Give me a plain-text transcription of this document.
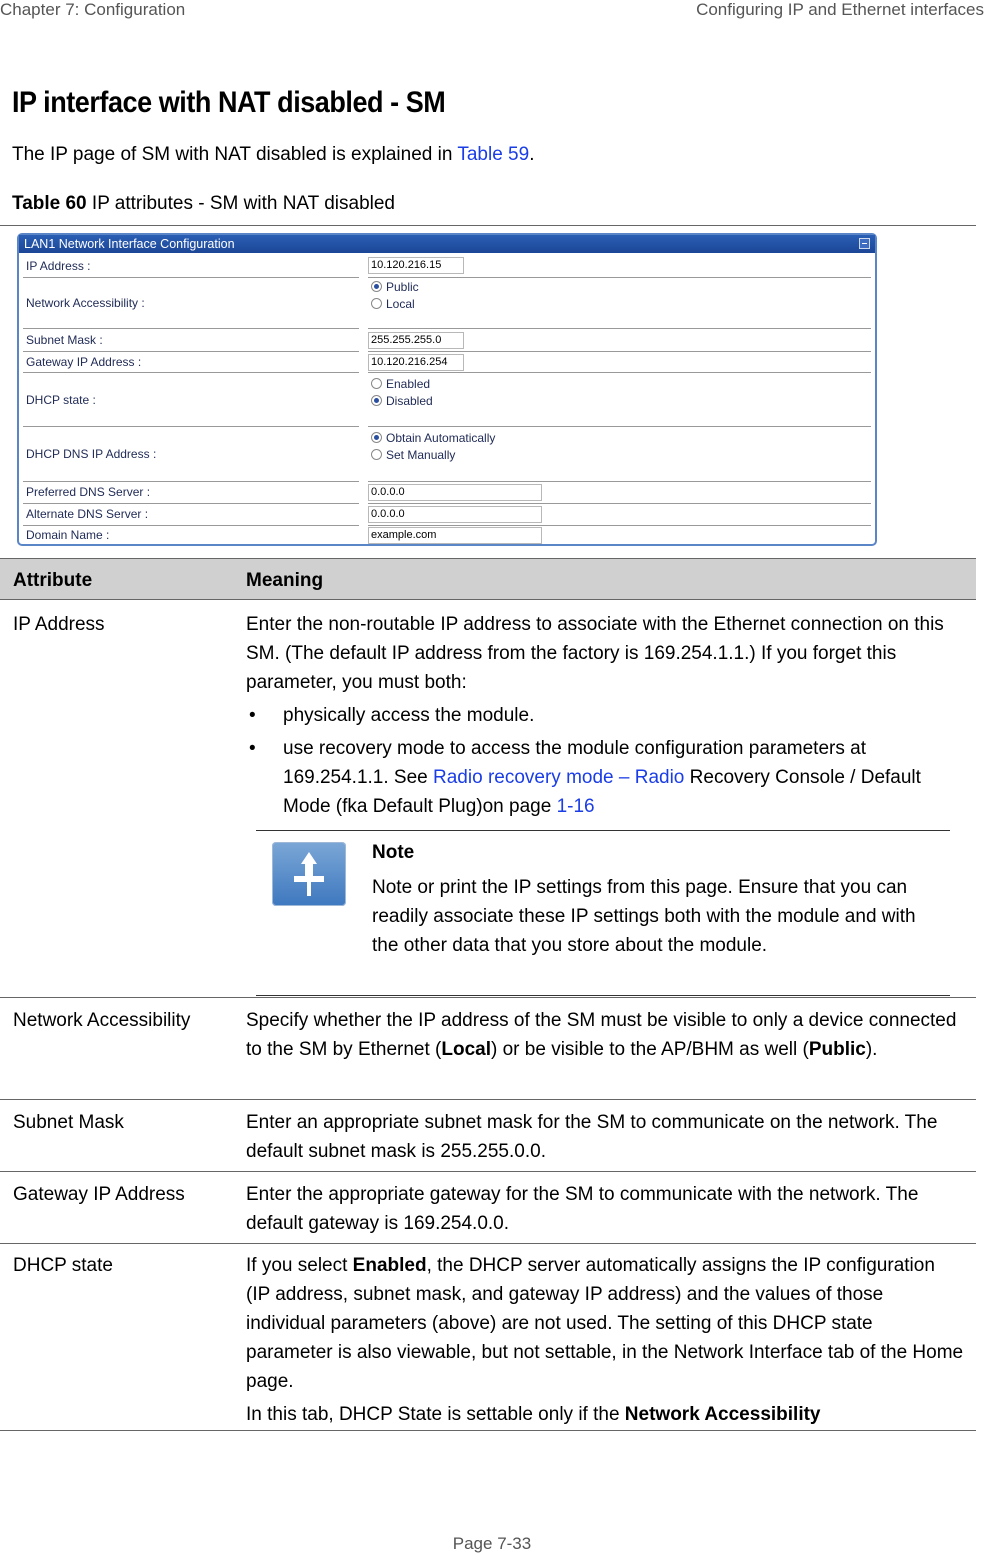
Chapter 7: Configuration	Configuring IP and Ethernet interfaces
IP interface with NAT disabled - SM
The IP page of SM with NAT disabled is explained in Table 59.
Table 60 IP attributes - SM with NAT disabled
LAN1 Network Interface Configuration
IP Address :	10.120.216.15
Network Accessibility :
Public
Local
Subnet Mask :	255.255.255.0
Gateway IP Address :	10.120.216.254
DHCP state :
Enabled
Disabled
DHCP DNS IP Address :
Obtain Automatically
Set Manually
Preferred DNS Server :	0.0.0.0
Alternate DNS Server :	0.0.0.0
Domain Name :	example.com
Attribute	Meaning
IP Address	Enter the non-routable IP address to associate with the Ethernet connection on this SM. (The default IP address from the factory is 169.254.1.1.) If you forget this parameter, you must both:

• physically access the module.
• use recovery mode to access the module configuration parameters at 169.254.1.1. See Radio recovery mode – Radio Recovery Console / Default Mode (fka Default Plug)on page 1-16
Note
Note or print the IP settings from this page. Ensure that you can readily associate these IP settings both with the module and with the other data that you store about the module.
Network Accessibility	Specify whether the IP address of the SM must be visible to only a device connected to the SM by Ethernet (Local) or be visible to the AP/BHM as well (Public).
Subnet Mask	Enter an appropriate subnet mask for the SM to communicate on the network. The default subnet mask is 255.255.0.0.
Gateway IP Address	Enter the appropriate gateway for the SM to communicate with the network. The default gateway is 169.254.0.0.
DHCP state	If you select Enabled, the DHCP server automatically assigns the IP configuration (IP address, subnet mask, and gateway IP address) and the values of those individual parameters (above) are not used. The setting of this DHCP state parameter is also viewable, but not settable, in the Network Interface tab of the Home page.

In this tab, DHCP State is settable only if the Network Accessibility

Page 7-33
